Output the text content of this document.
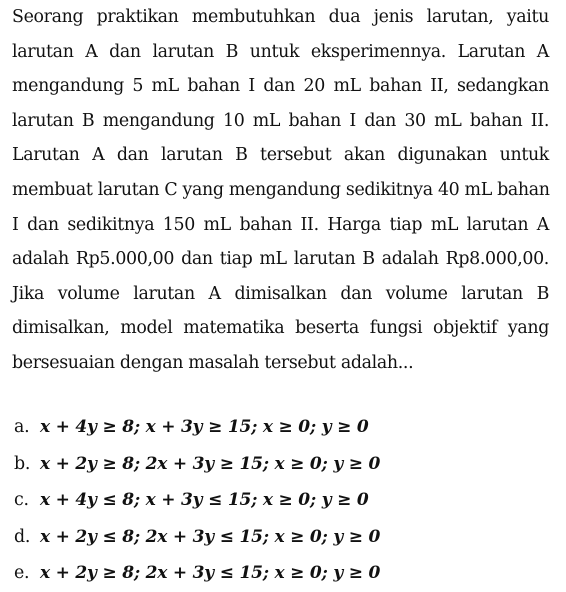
Seorang praktikan membutuhkan dua jenis larutan, yaitu
larutan A dan larutan B untuk eksperimennya. Larutan A
mengandung 5 mL bahan I dan 20 mL bahan II, sedangkan
larutan B mengandung 10 mL bahan I dan 30 mL bahan II.
Larutan A dan larutan B tersebut akan digunakan untuk
membuat larutan C yang mengandung sedikitnya 40 mL bahan
I dan sedikitnya 150 mL bahan II. Harga tiap mL larutan A
adalah Rp5.000,00 dan tiap mL larutan B adalah Rp8.000,00.
Jika volume larutan A dimisalkan dan volume larutan B
dimisalkan, model matematika beserta fungsi objektif yang
bersesuaian dengan masalah tersebut adalah...
a. x + 4y ≥ 8; x + 3y ≥ 15; x ≥ 0; y ≥ 0
b. x + 2y ≥ 8; 2x + 3y ≥ 15; x ≥ 0; y ≥ 0
c. x + 4y ≤ 8; x + 3y ≤ 15; x ≥ 0; y ≥ 0
d. x + 2y ≤ 8; 2x + 3y ≤ 15; x ≥ 0; y ≥ 0
e. x + 2y ≥ 8; 2x + 3y ≤ 15; x ≥ 0; y ≥ 0
